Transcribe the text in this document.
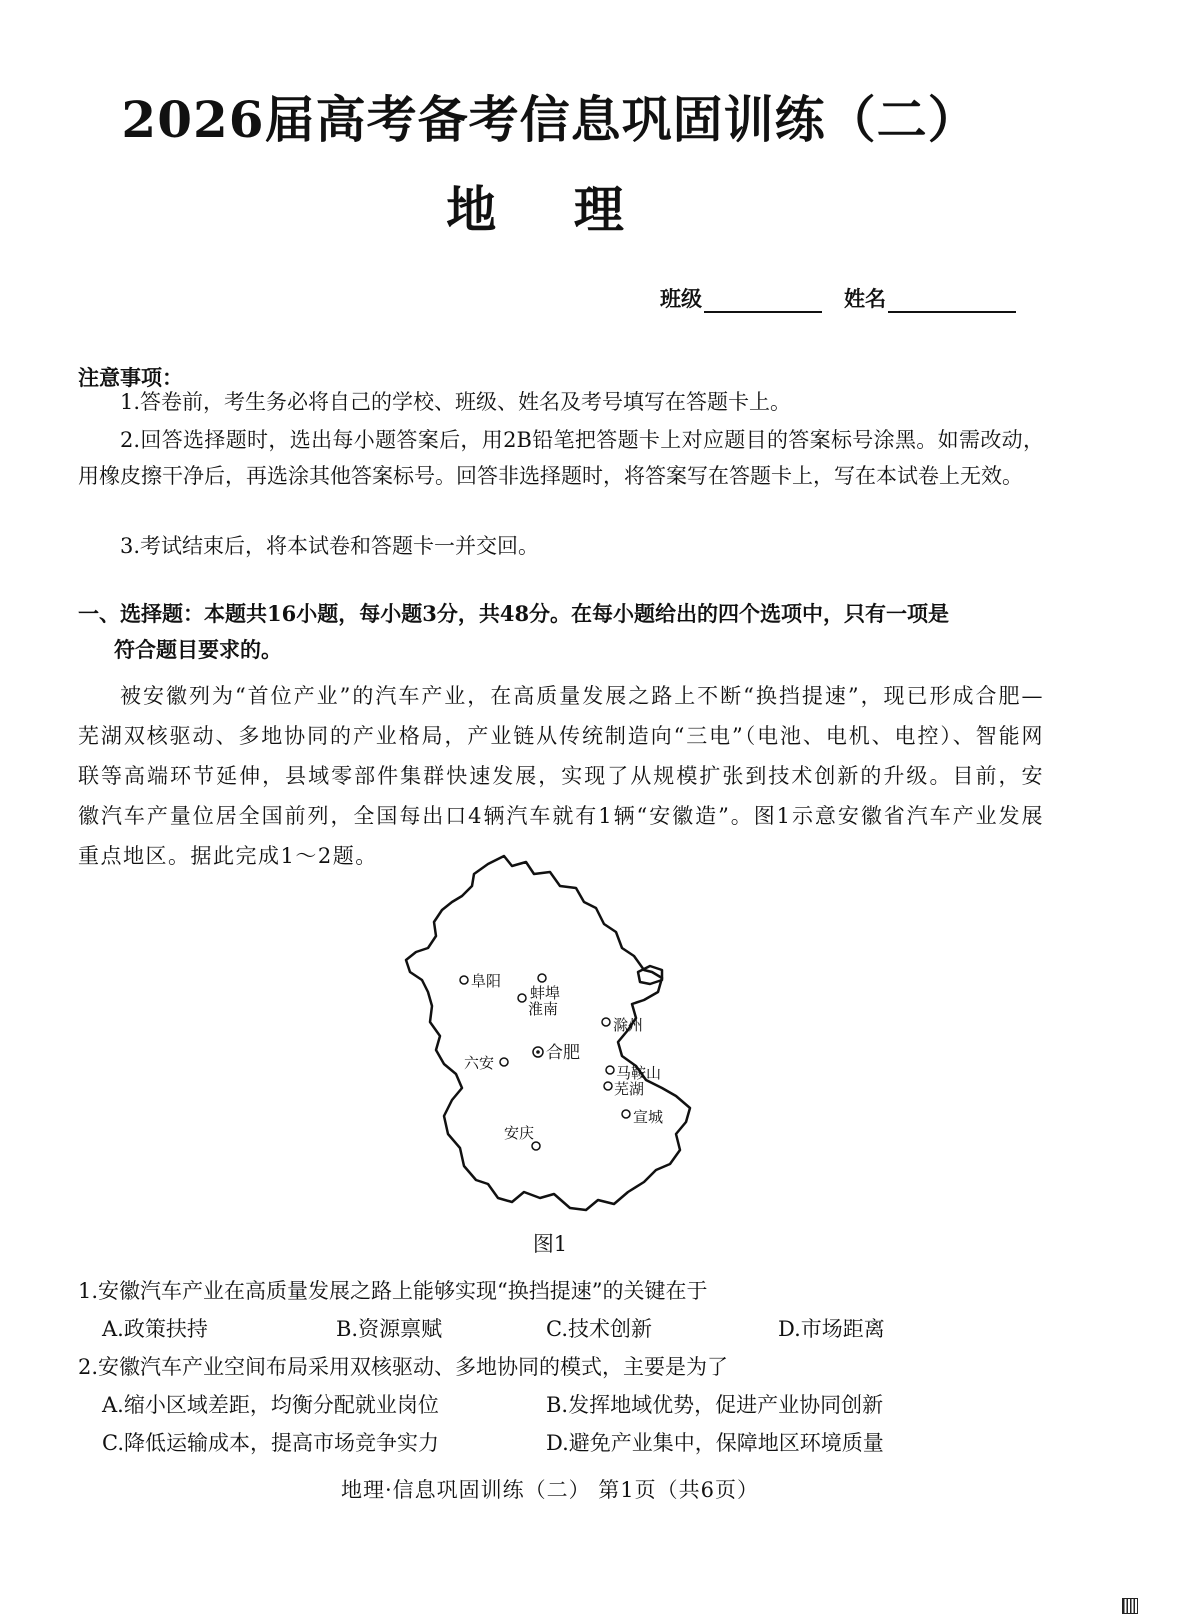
2026届高考备考信息巩固训练（二）
地 理
班级	姓名
注意事项：
1.答卷前，考生务必将自己的学校、班级、姓名及考号填写在答题卡上。
2.回答选择题时，选出每小题答案后，用2B铅笔把答题卡上对应题目的答案标号涂黑。如需改动，用橡皮擦干净后，再选涂其他答案标号。回答非选择题时，将答案写在答题卡上，写在本试卷上无效。
3.考试结束后，将本试卷和答题卡一并交回。
一、选择题：本题共16小题，每小题3分，共48分。在每小题给出的四个选项中，只有一项是
符合题目要求的。
被安徽列为“首位产业”的汽车产业，在高质量发展之路上不断“换挡提速”，现已形成合肥—芜湖双核驱动、多地协同的产业格局，产业链从传统制造向“三电”（电池、电机、电控）、智能网联等高端环节延伸，县域零部件集群快速发展，实现了从规模扩张到技术创新的升级。目前，安徽汽车产量位居全国前列，全国每出口4辆汽车就有1辆“安徽造”。图1示意安徽省汽车产业发展重点地区。据此完成1～2题。
阜阳
蚌埠
淮南
滁州
六安	合肥
马鞍山
芜湖
宣城
安庆
图1
1.安徽汽车产业在高质量发展之路上能够实现“换挡提速”的关键在于
A.政策扶持	B.资源禀赋	C.技术创新	D.市场距离
2.安徽汽车产业空间布局采用双核驱动、多地协同的模式，主要是为了
A.缩小区域差距，均衡分配就业岗位	B.发挥地域优势，促进产业协同创新
C.降低运输成本，提高市场竞争实力	D.避免产业集中，保障地区环境质量
地理·信息巩固训练（二） 第1页（共6页）
